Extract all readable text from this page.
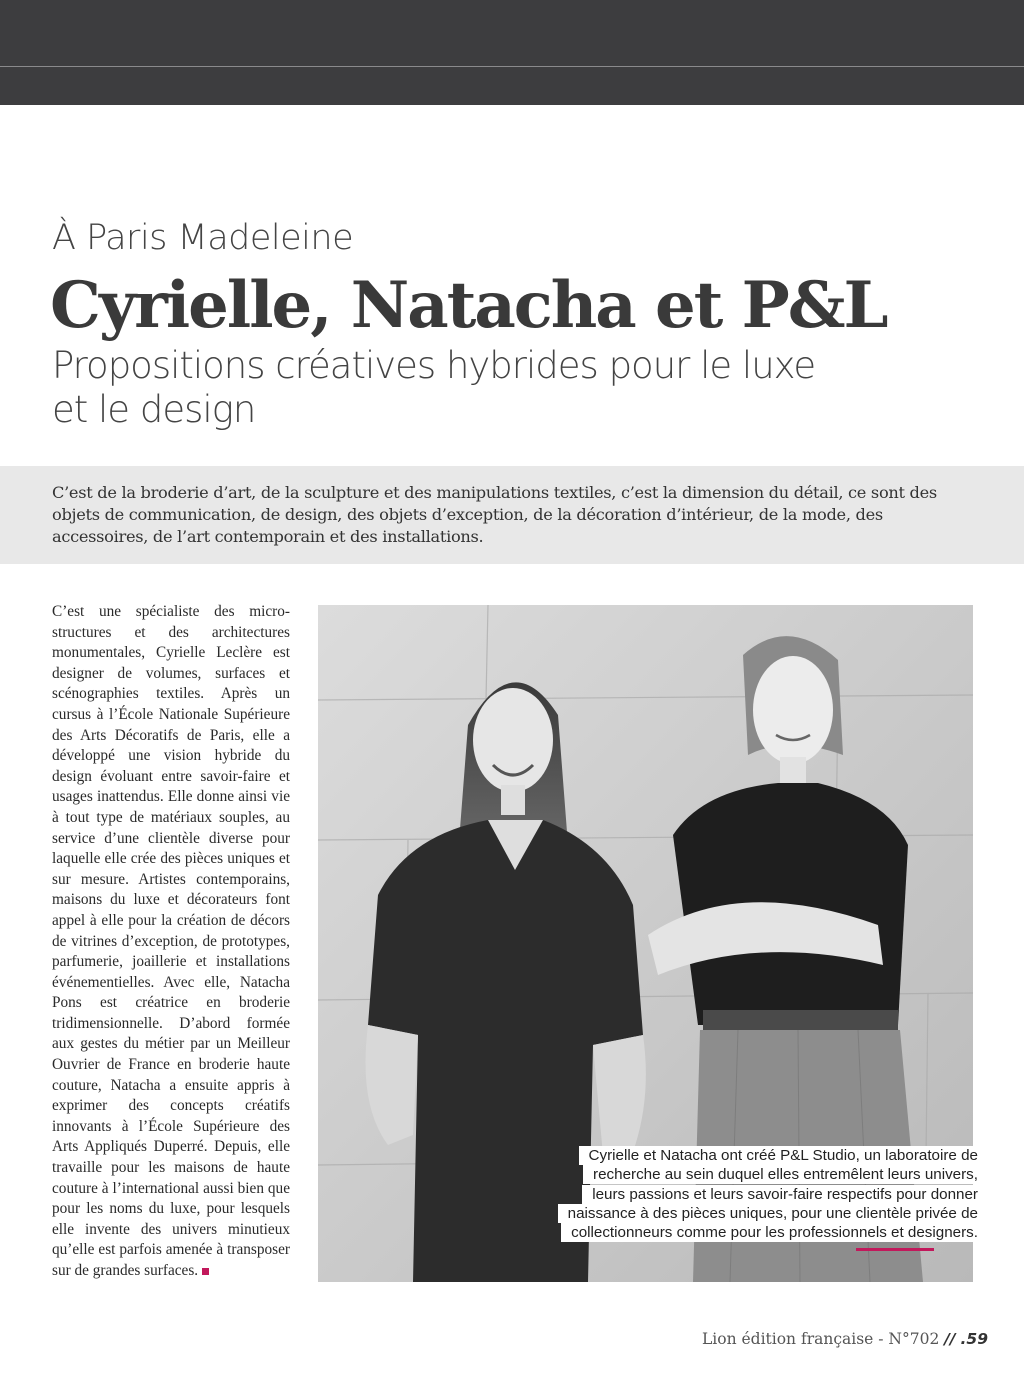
À Paris Madeleine
Cyrielle, Natacha et P&L
Propositions créatives hybrides pour le luxe et le design
C’est de la broderie d’art, de la sculpture et des manipulations textiles, c’est la dimension du détail, ce sont des objets de communication, de design, des objets d’exception, de la décoration d’intérieur, de la mode, des accessoires, de l’art contemporain et des installations.
C’est une spécialiste des micro-structures et des architectures monumentales, Cyrielle Leclère est designer de volumes, surfaces et scénographies textiles. Après un cursus à l’École Nationale Supérieure des Arts Décoratifs de Paris, elle a développé une vision hybride du design évoluant entre savoir-faire et usages inattendus. Elle donne ainsi vie à tout type de matériaux souples, au service d’une clientèle diverse pour laquelle elle crée des pièces uniques et sur mesure. Artistes contemporains, maisons du luxe et décorateurs font appel à elle pour la création de décors de vitrines d’exception, de prototypes, parfumerie, joaillerie et installations événementielles. Avec elle, Natacha Pons est créatrice en broderie tridimensionnelle. D’abord formée aux gestes du métier par un Meilleur Ouvrier de France en broderie haute couture, Natacha a ensuite appris à exprimer des concepts créatifs innovants à l’École Supérieure des Arts Appliqués Duperré. Depuis, elle travaille pour les maisons de haute couture à l’international aussi bien que pour les noms du luxe, pour lesquels elle invente des univers minutieux qu’elle est parfois amenée à transposer sur de grandes surfaces.
Cyrielle et Natacha ont créé P&L Studio, un laboratoire de
recherche au sein duquel elles entremêlent leurs univers,
leurs passions et leurs savoir-faire respectifs pour donner
naissance à des pièces uniques, pour une clientèle privée de
collectionneurs comme pour les professionnels et designers.
Lion édition française - N°702 // .59
